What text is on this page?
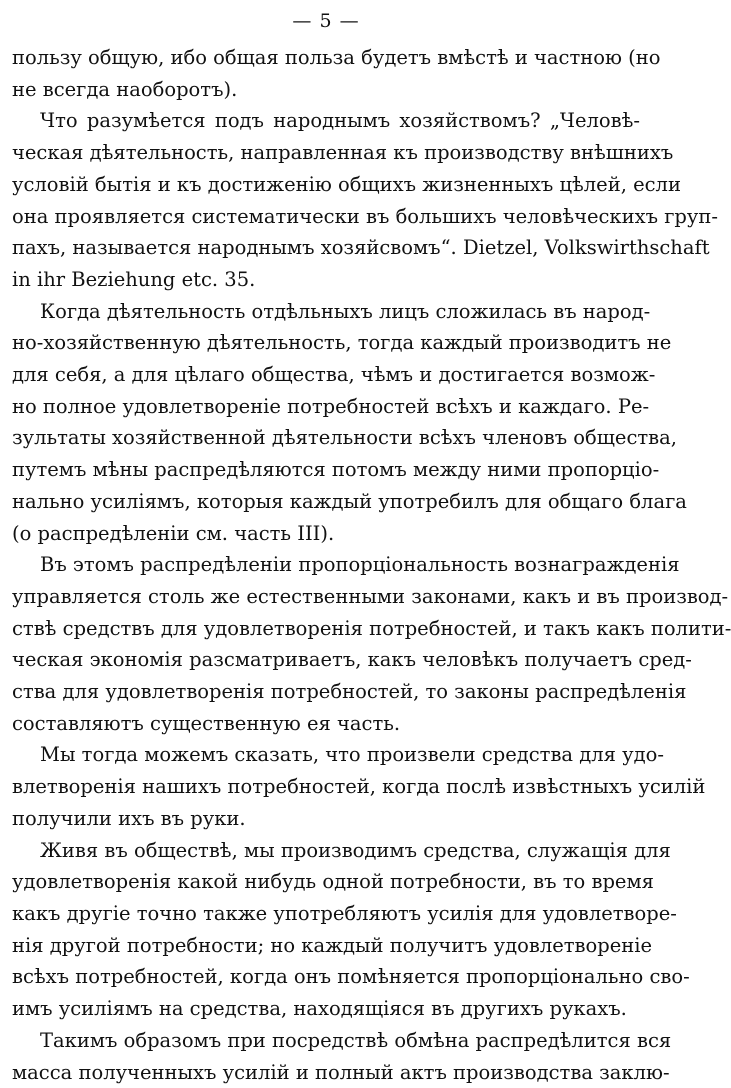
— 5 —

пользу общую, ибо общая польза будетъ вмѣстѣ и частною (но
не всегда наоборотъ).

Что разумѣется подъ народнымъ хозяйствомъ? „Человѣ-
ческая дѣятельность, направленная къ производству внѣшнихъ
условій бытія и къ достиженію общихъ жизненныхъ цѣлей, если
она проявляется систематически въ большихъ человѣческихъ груп-
пахъ, называется народнымъ хозяйсвомъ“. Dietzel, Volkswirthschaft
in ihr Beziehung etc. 35.

Когда дѣятельность отдѣльныхъ лицъ сложилась въ народ-
но-хозяйственную дѣятельность, тогда каждый производитъ не
для себя, а для цѣлаго общества, чѣмъ и достигается возмож-
но полное удовлетвореніе потребностей всѣхъ и каждаго. Ре-
зультаты хозяйственной дѣятельности всѣхъ членовъ общества,
путемъ мѣны распредѣляются потомъ между ними пропорціо-
нально усиліямъ, которыя каждый употребилъ для общаго блага
(о распредѣленіи см. часть III).

Въ этомъ распредѣленіи пропорціональность вознагражденія
управляется столь же естественными законами, какъ и въ производ-
ствѣ средствъ для удовлетворенія потребностей, и такъ какъ полити-
ческая экономія разсматриваетъ, какъ человѣкъ получаетъ сред-
ства для удовлетворенія потребностей, то законы распредѣленія
составляютъ существенную ея часть.

Мы тогда можемъ сказать, что произвели средства для удо-
влетворенія нашихъ потребностей, когда послѣ извѣстныхъ усилій
получили ихъ въ руки.

Живя въ обществѣ, мы производимъ средства, служащія для
удовлетворенія какой нибудь одной потребности, въ то время
какъ другіе точно также употребляютъ усилія для удовлетворе-
нія другой потребности; но каждый получитъ удовлетвореніе
всѣхъ потребностей, когда онъ помѣняется пропорціонально сво-
имъ усиліямъ на средства, находящіяся въ другихъ рукахъ.

Такимъ образомъ при посредствѣ обмѣна распредѣлится вся
масса полученныхъ усилій и полный актъ производства заклю-
